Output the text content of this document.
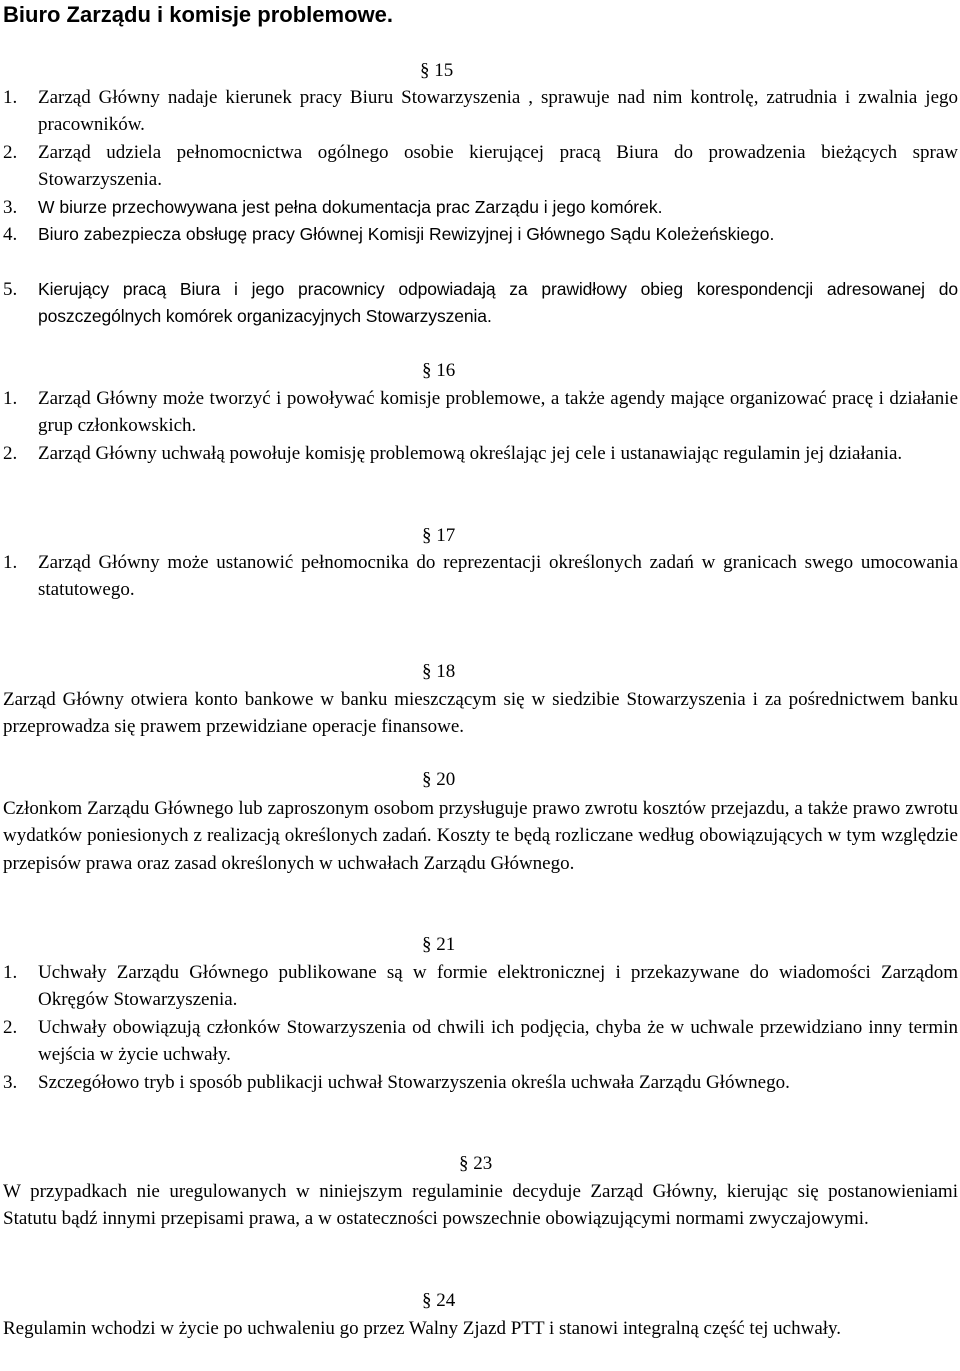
Biuro Zarządu i komisje problemowe.
§ 15
1. Zarząd Główny nadaje kierunek pracy Biuru Stowarzyszenia , sprawuje nad nim kontrolę, zatrudnia i zwalnia jego pracowników.
2. Zarząd udziela pełnomocnictwa ogólnego osobie kierującej pracą Biura do prowadzenia bieżących spraw Stowarzyszenia.
3. W biurze przechowywana jest pełna dokumentacja prac Zarządu i jego komórek.
4. Biuro zabezpiecza obsługę pracy Głównej Komisji Rewizyjnej i Głównego Sądu Koleżeńskiego.
5. Kierujący pracą Biura i jego pracownicy odpowiadają za prawidłowy obieg korespondencji adresowanej do poszczególnych komórek organizacyjnych Stowarzyszenia.
§ 16
1. Zarząd Główny może tworzyć i powoływać komisje problemowe, a także agendy mające organizować pracę i działanie grup członkowskich.
2. Zarząd Główny uchwałą powołuje komisję problemową określając jej cele i ustanawiając regulamin jej działania.
§ 17
1. Zarząd Główny może ustanowić pełnomocnika do reprezentacji określonych zadań w granicach swego umocowania statutowego.
§ 18
Zarząd Główny otwiera konto bankowe w banku mieszczącym się w siedzibie Stowarzyszenia i za pośrednictwem banku przeprowadza się prawem przewidziane operacje finansowe.
§ 20
Członkom Zarządu Głównego lub zaproszonym osobom przysługuje prawo zwrotu kosztów przejazdu, a także prawo zwrotu wydatków poniesionych z realizacją określonych zadań. Koszty te będą rozliczane według obowiązujących w tym względzie przepisów prawa oraz zasad określonych w uchwałach Zarządu Głównego.
§ 21
1. Uchwały Zarządu Głównego publikowane są w formie elektronicznej i przekazywane do wiadomości Zarządom Okręgów Stowarzyszenia.
2. Uchwały obowiązują członków Stowarzyszenia od chwili ich podjęcia, chyba że w uchwale przewidziano inny termin wejścia w życie uchwały.
3. Szczegółowo tryb i sposób publikacji uchwał Stowarzyszenia określa uchwała Zarządu Głównego.
§ 23
W przypadkach nie uregulowanych w niniejszym regulaminie decyduje Zarząd Główny, kierując się postanowieniami Statutu bądź innymi przepisami prawa, a w ostateczności powszechnie obowiązującymi normami zwyczajowymi.
§ 24
Regulamin wchodzi w życie po uchwaleniu go przez Walny Zjazd PTT i stanowi integralną część tej uchwały.
